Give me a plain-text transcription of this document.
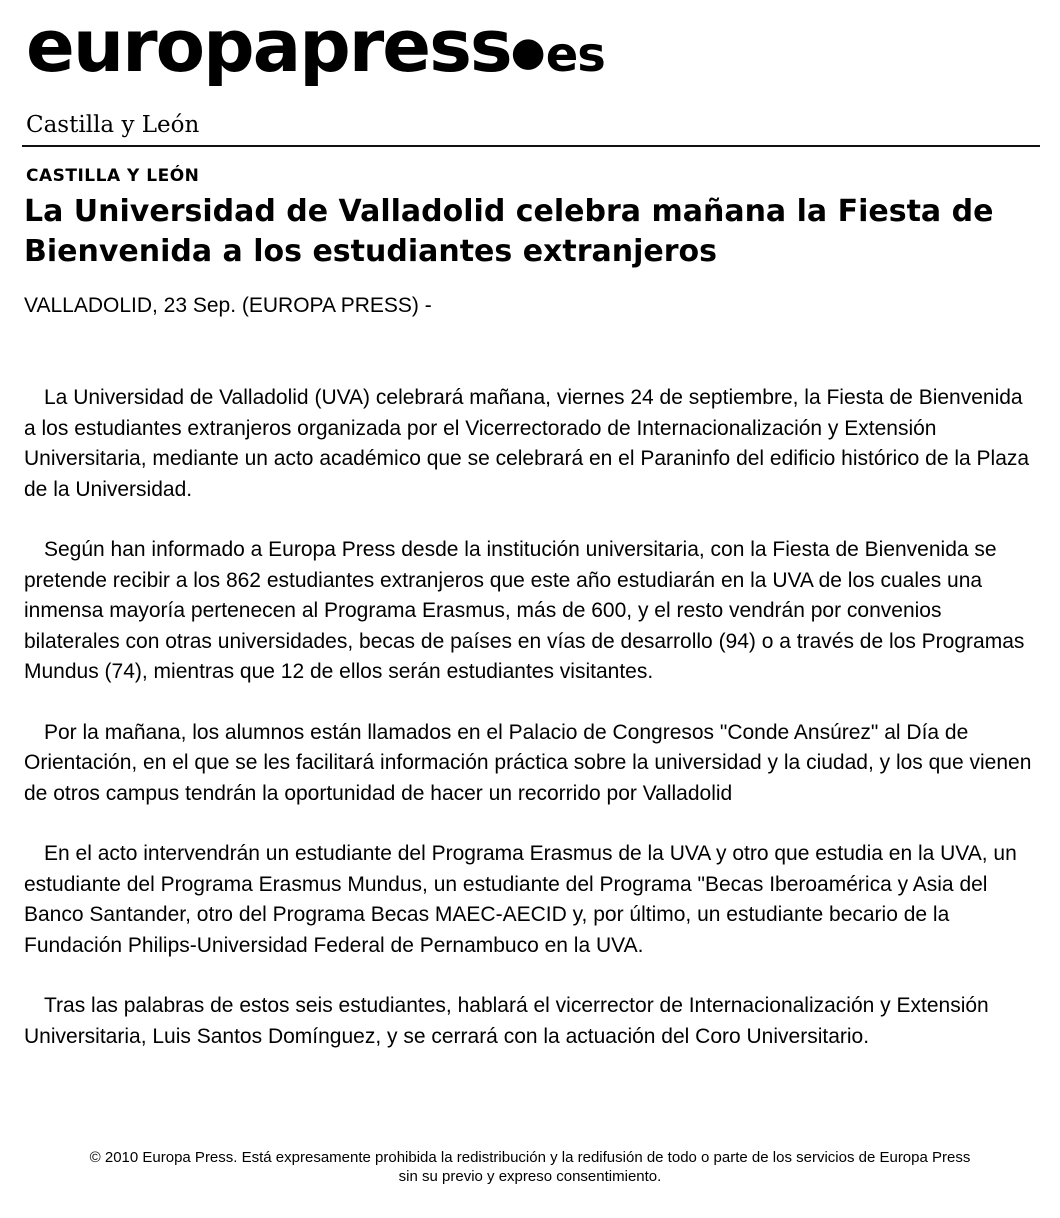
europapress●es
Castilla y León
CASTILLA Y LEÓN
La Universidad de Valladolid celebra mañana la Fiesta de Bienvenida a los estudiantes extranjeros
VALLADOLID, 23 Sep. (EUROPA PRESS) -

La Universidad de Valladolid (UVA) celebrará mañana, viernes 24 de septiembre, la Fiesta de Bienvenida a los estudiantes extranjeros organizada por el Vicerrectorado de Internacionalización y Extensión Universitaria, mediante un acto académico que se celebrará en el Paraninfo del edificio histórico de la Plaza de la Universidad.

Según han informado a Europa Press desde la institución universitaria, con la Fiesta de Bienvenida se pretende recibir a los 862 estudiantes extranjeros que este año estudiarán en la UVA de los cuales una inmensa mayoría pertenecen al Programa Erasmus, más de 600, y el resto vendrán por convenios bilaterales con otras universidades, becas de países en vías de desarrollo (94) o a través de los Programas Mundus (74), mientras que 12 de ellos serán estudiantes visitantes.

Por la mañana, los alumnos están llamados en el Palacio de Congresos "Conde Ansúrez" al Día de Orientación, en el que se les facilitará información práctica sobre la universidad y la ciudad, y los que vienen de otros campus tendrán la oportunidad de hacer un recorrido por Valladolid

En el acto intervendrán un estudiante del Programa Erasmus de la UVA y otro que estudia en la UVA, un estudiante del Programa Erasmus Mundus, un estudiante del Programa "Becas Iberoamérica y Asia del Banco Santander, otro del Programa Becas MAEC-AECID y, por último, un estudiante becario de la Fundación Philips-Universidad Federal de Pernambuco en la UVA.

Tras las palabras de estos seis estudiantes, hablará el vicerrector de Internacionalización y Extensión Universitaria, Luis Santos Domínguez, y se cerrará con la actuación del Coro Universitario.

© 2010 Europa Press. Está expresamente prohibida la redistribución y la redifusión de todo o parte de los servicios de Europa Press
sin su previo y expreso consentimiento.
